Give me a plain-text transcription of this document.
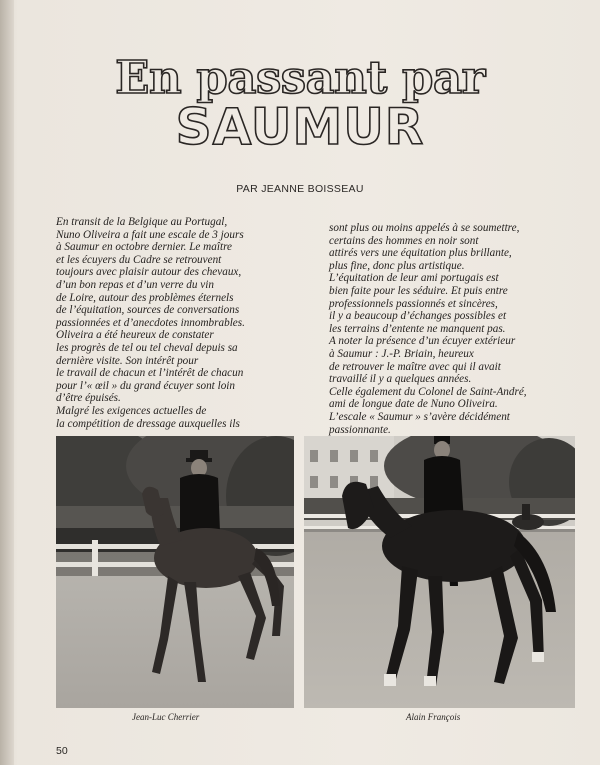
En passant par
SAUMUR
PAR JEANNE BOISSEAU
En transit de la Belgique au Portugal,
Nuno Oliveira a fait une escale de 3 jours
à Saumur en octobre dernier. Le maître
et les écuyers du Cadre se retrouvent
toujours avec plaisir autour des chevaux,
d’un bon repas et d’un verre du vin
de Loire, autour des problèmes éternels
de l’équitation, sources de conversations
passionnées et d’anecdotes innombrables.
Oliveira a été heureux de constater
les progrès de tel ou tel cheval depuis sa
dernière visite. Son intérêt pour
le travail de chacun et l’intérêt de chacun
pour l’« œil » du grand écuyer sont loin
d’être épuisés.
Malgré les exigences actuelles de
la compétition de dressage auxquelles ils
sont plus ou moins appelés à se soumettre,
certains des hommes en noir sont
attirés vers une équitation plus brillante,
plus fine, donc plus artistique.
L’équitation de leur ami portugais est
bien faite pour les séduire. Et puis entre
professionnels passionnés et sincères,
il y a beaucoup d’échanges possibles et
les terrains d’entente ne manquent pas.
A noter la présence d’un écuyer extérieur
à Saumur : J.-P. Briain, heureux
de retrouver le maître avec qui il avait
travaillé il y a quelques années.
Celle également du Colonel de Saint-André,
ami de longue date de Nuno Oliveira.
L’escale « Saumur » s’avère décidément
passionnante.
Jean-Luc Cherrier	Alain François
50
